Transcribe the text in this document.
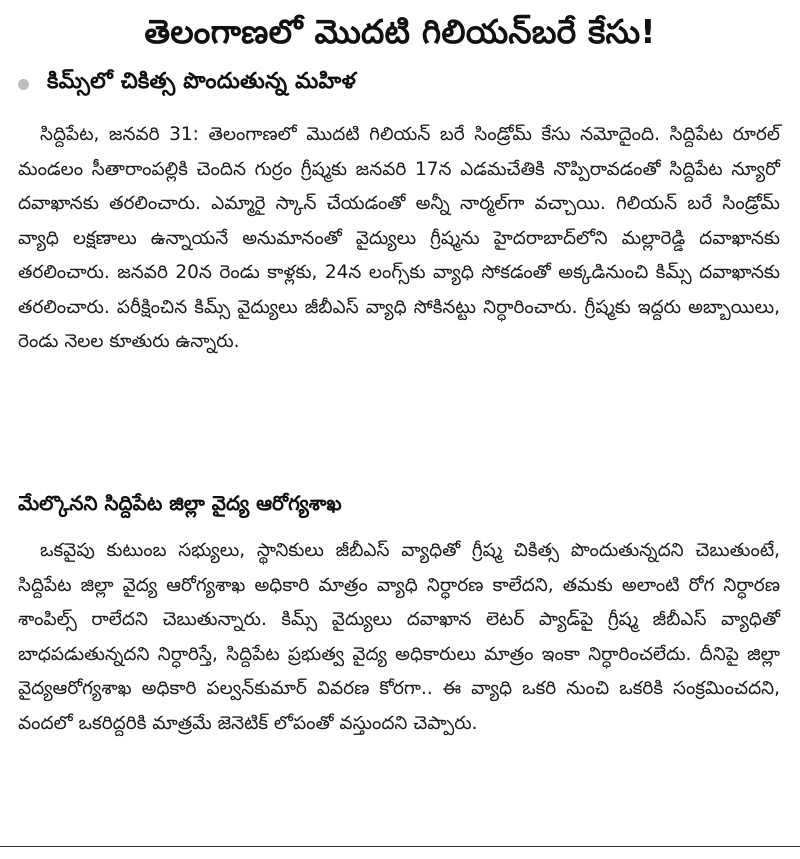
తెలంగాణలో మొదటి గిలియన్‌బరే కేసు!
కిమ్స్‌లో చికిత్స పొందుతున్న మహిళ

సిద్దిపేట, జనవరి 31: తెలంగాణలో మొదటి గిలియన్ బరే సిండ్రోమ్ కేసు నమోదైంది. సిద్దిపేట రూరల్ మండలం సీతారాంపల్లికి చెందిన గుర్రం గ్రీష్మకు జనవరి 17న ఎడమచేతికి నొప్పిరావడంతో సిద్దిపేట న్యూరో దవాఖానకు తరలించారు. ఎమ్మారై స్కాన్ చేయడంతో అన్నీ నార్మల్‌గా వచ్చాయి. గిలియన్ బరే సిండ్రోమ్ వ్యాధి లక్షణాలు ఉన్నాయనే అనుమానంతో వైద్యులు గ్రీష్మను హైదరాబాద్‌లోని మల్లారెడ్డి దవాఖానకు తరలించారు. జనవరి 20న రెండు కాళ్లకు, 24న లంగ్స్‌కు వ్యాధి సోకడంతో అక్కడినుంచి కిమ్స్ దవాఖానకు తరలించారు. పరీక్షించిన కిమ్స్ వైద్యులు జీబీఎస్ వ్యాధి సోకినట్టు నిర్ధారించారు. గ్రీష్మకు ఇద్దరు అబ్బాయిలు, రెండు నెలల కూతురు ఉన్నారు.

మేల్కొనని సిద్దిపేట జిల్లా వైద్య ఆరోగ్యశాఖ

ఒకవైపు కుటుంబ సభ్యులు, స్థానికులు జీబీఎస్ వ్యాధితో గ్రీష్మ చికిత్స పొందుతున్నదని చెబుతుంటే, సిద్దిపేట జిల్లా వైద్య ఆరోగ్యశాఖ అధికారి మాత్రం వ్యాధి నిర్ధారణ కాలేదని, తమకు అలాంటి రోగ నిర్ధారణ శాంపిల్స్ రాలేదని చెబుతున్నారు. కిమ్స్ వైద్యులు దవాఖాన లెటర్ ప్యాడ్‌పై గ్రీష్మ జీబీఎస్ వ్యాధితో బాధపడుతున్నదని నిర్ధారిస్తే, సిద్దిపేట ప్రభుత్వ వైద్య అధికారులు మాత్రం ఇంకా నిర్ధారించలేదు. దీనిపై జిల్లా వైద్యఆరోగ్యశాఖ అధికారి పల్వన్‌కుమార్ వివరణ కోరగా.. ఈ వ్యాధి ఒకరి నుంచి ఒకరికి సంక్రమించదని, వందలో ఒకరిద్దరికి మాత్రమే జెనెటిక్ లోపంతో వస్తుందని చెప్పారు.
